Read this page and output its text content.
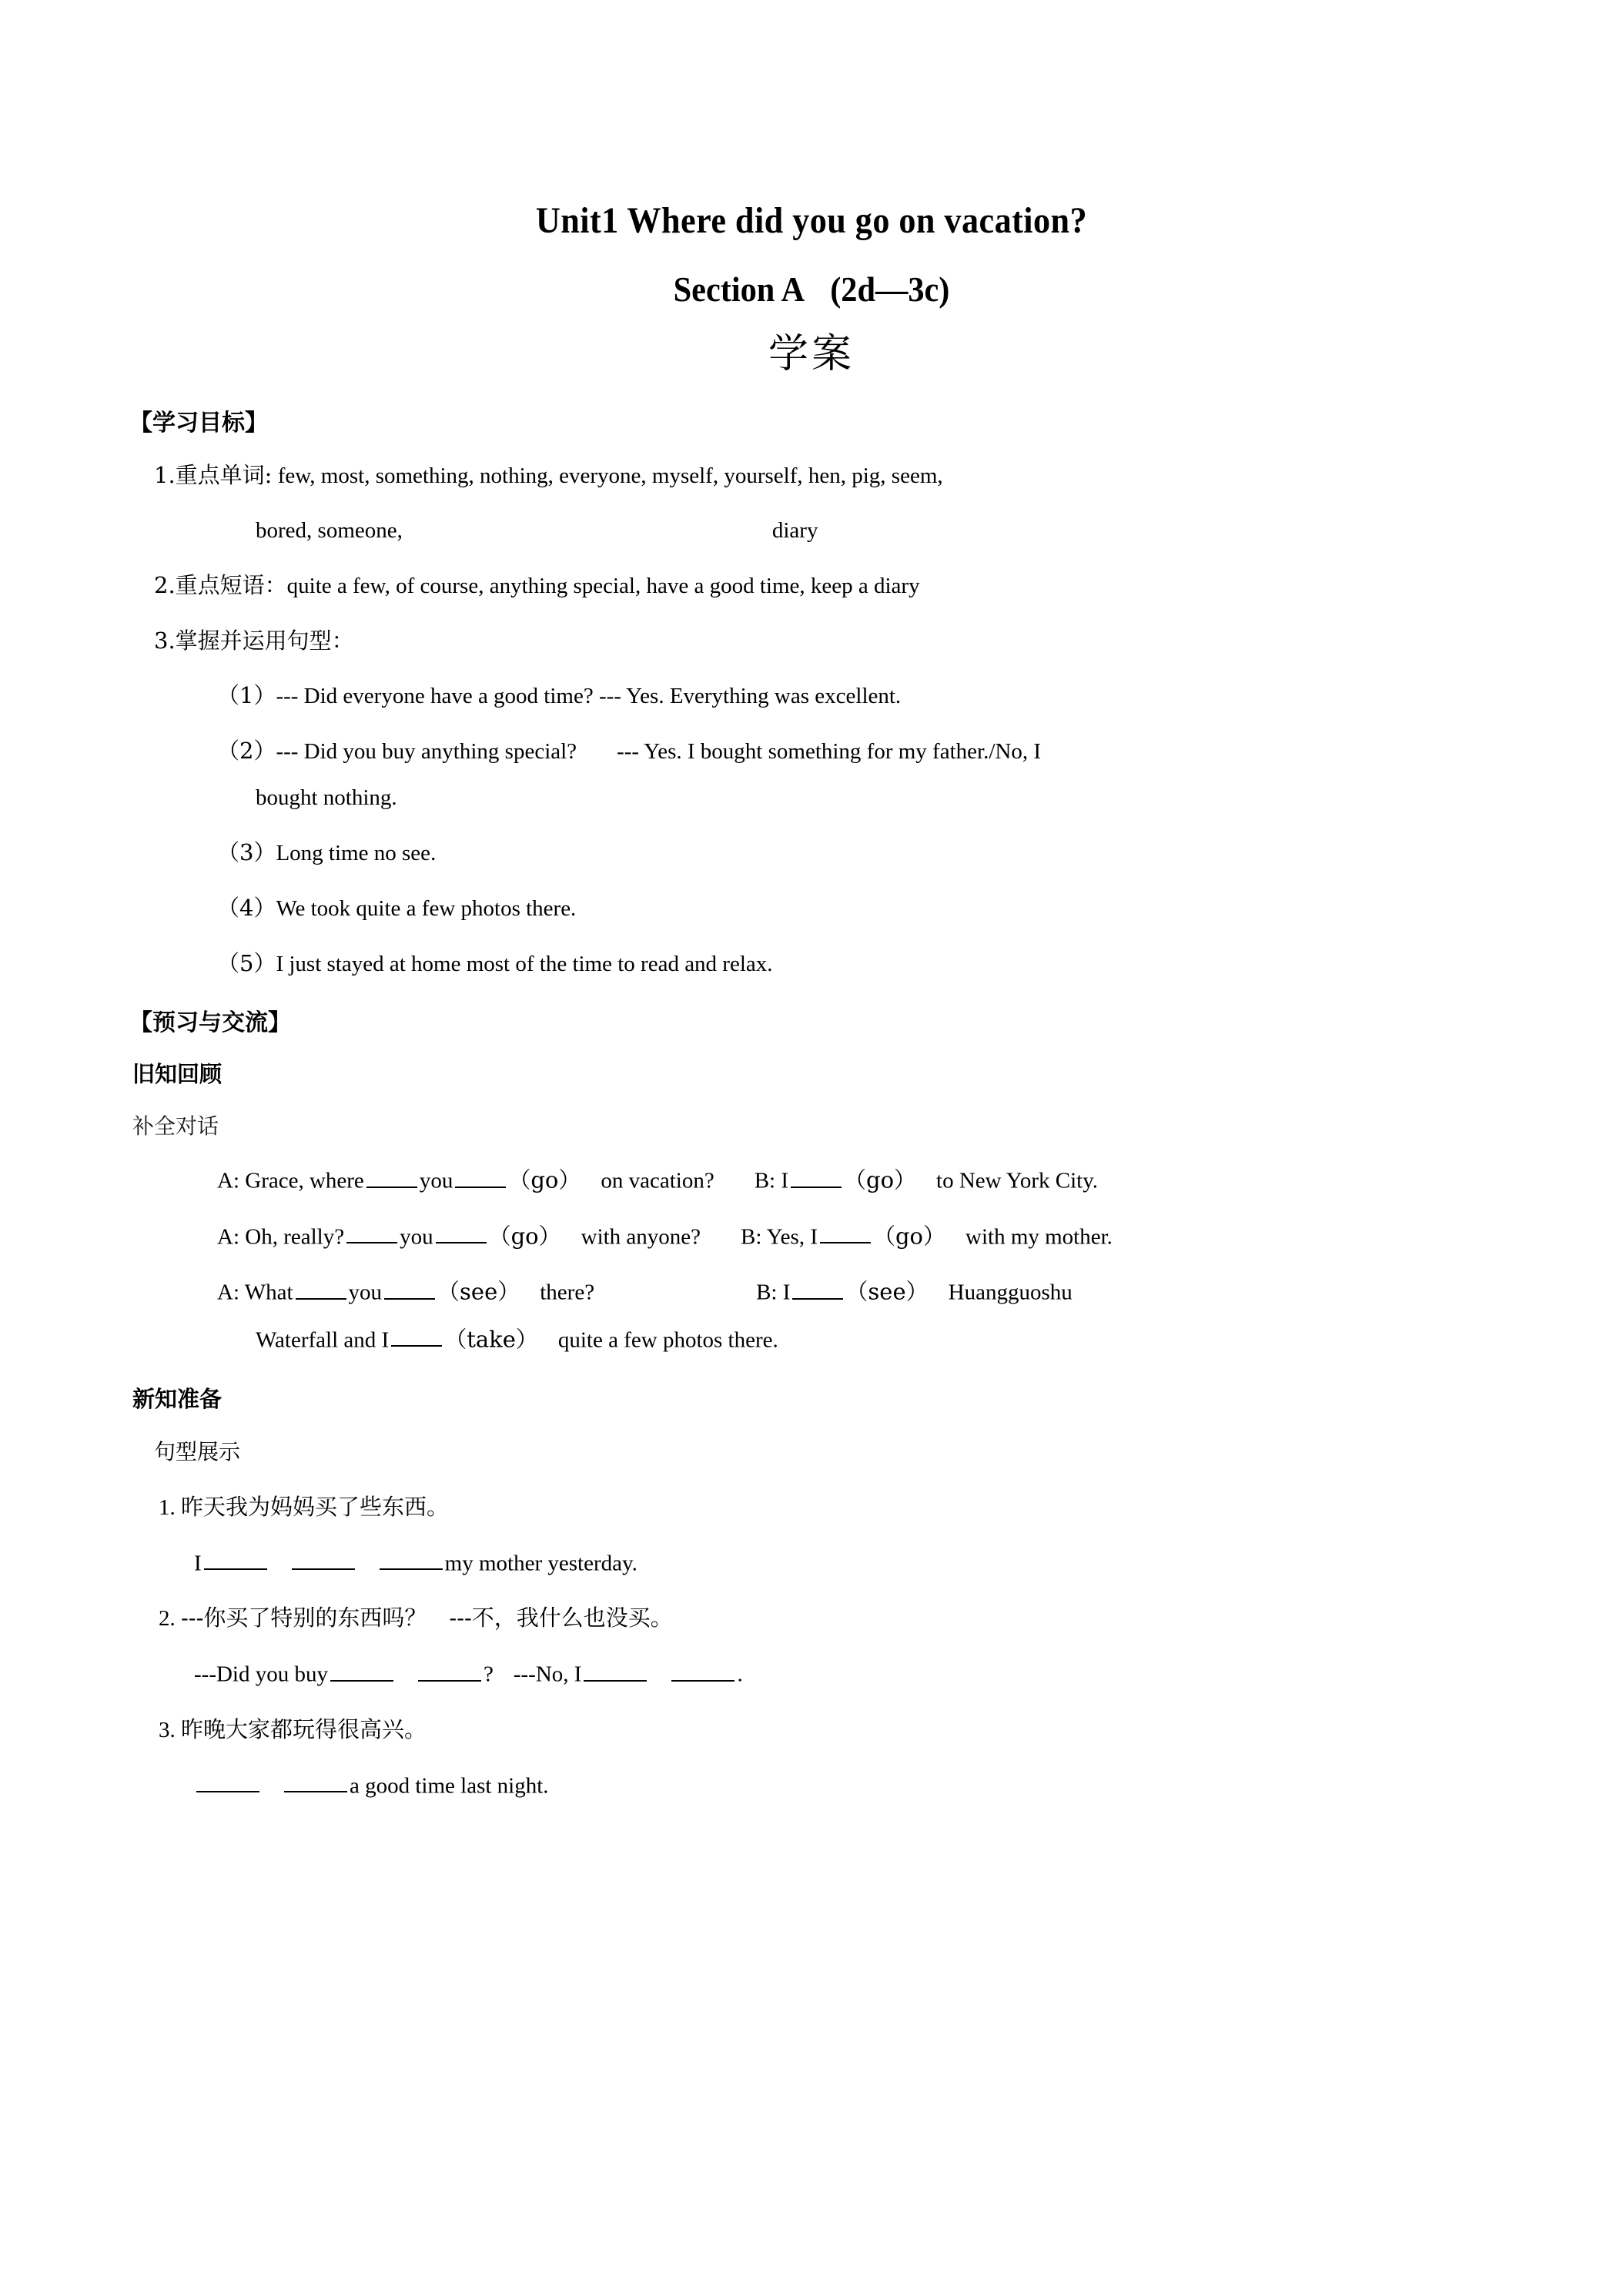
Unit1 Where did you go on vacation?
Section A (2d—3c)
学案
【学习目标】
1.重点单词: few, most, something, nothing, everyone, myself, yourself, hen, pig, seem,
bored, someone,	diary
2.重点短语：quite a few, of course, anything special, have a good time, keep a diary
3.掌握并运用句型：
（1）--- Did everyone have a good time? --- Yes. Everything was excellent.
（2）--- Did you buy anything special? --- Yes. I bought something for my father./No, I
bought nothing.
（3）Long time no see.
（4）We took quite a few photos there.
（5）I just stayed at home most of the time to read and relax.
【预习与交流】
旧知回顾
补全对话
A: Grace, where you （go） on vacation? B: I （go） to New York City.
A: Oh, really? you （go） with anyone? B: Yes, I （go） with my mother.
A: What you （see） there?	B: I （see） Huangguoshu
Waterfall and I （take） quite a few photos there.
新知准备
句型展示
1. 昨天我为妈妈买了些东西。
I	my mother yesterday.
2. ---你买了特别的东西吗？　---不，我什么也没买。
---Did you buy	? ---No, I	.
3. 昨晚大家都玩得很高兴。
a good time last night.
